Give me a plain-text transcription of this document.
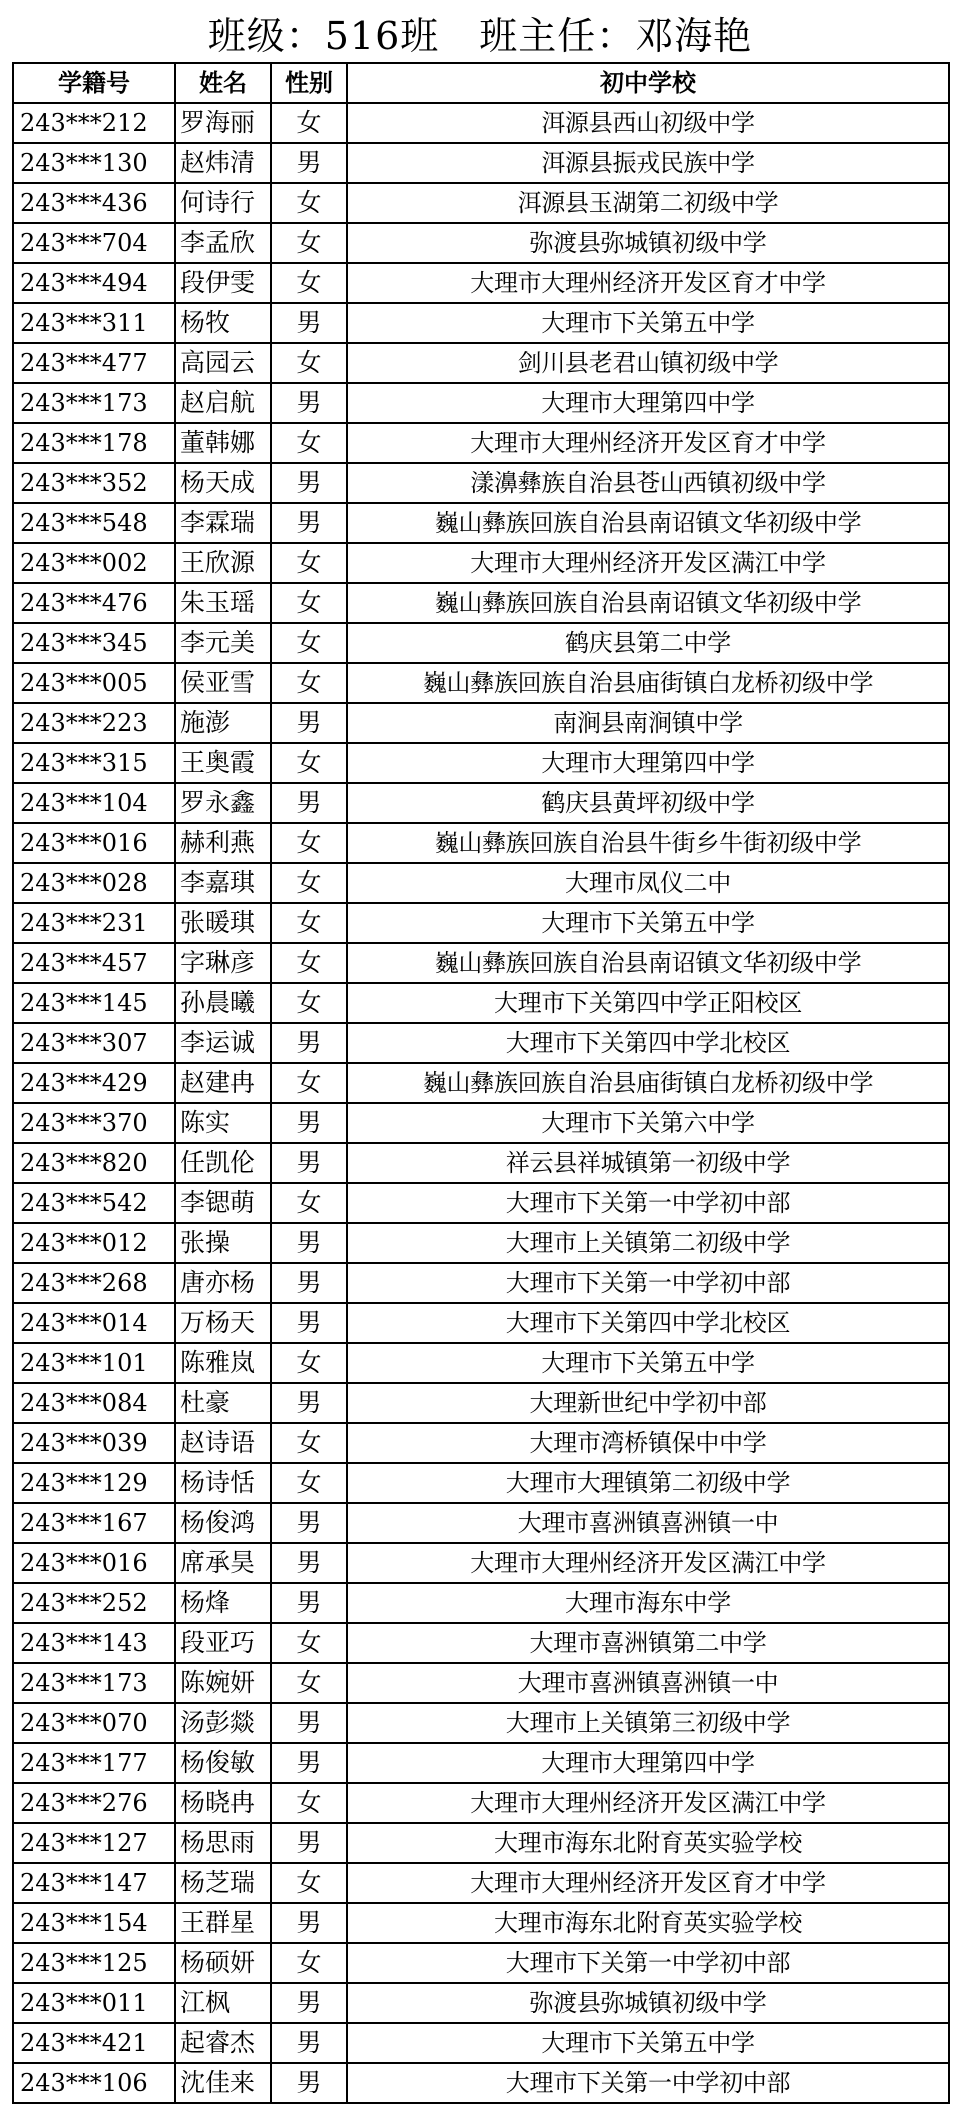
班级：516班 班主任：邓海艳
学籍号	姓名	性别	初中学校
243***212	罗海丽	女	洱源县西山初级中学
243***130	赵炜清	男	洱源县振戎民族中学
243***436	何诗行	女	洱源县玉湖第二初级中学
243***704	李孟欣	女	弥渡县弥城镇初级中学
243***494	段伊雯	女	大理市大理州经济开发区育才中学
243***311	杨牧	男	大理市下关第五中学
243***477	高园云	女	剑川县老君山镇初级中学
243***173	赵启航	男	大理市大理第四中学
243***178	董韩娜	女	大理市大理州经济开发区育才中学
243***352	杨天成	男	漾濞彝族自治县苍山西镇初级中学
243***548	李霖瑞	男	巍山彝族回族自治县南诏镇文华初级中学
243***002	王欣源	女	大理市大理州经济开发区满江中学
243***476	朱玉瑶	女	巍山彝族回族自治县南诏镇文华初级中学
243***345	李元美	女	鹤庆县第二中学
243***005	侯亚雪	女	巍山彝族回族自治县庙街镇白龙桥初级中学
243***223	施澎	男	南涧县南涧镇中学
243***315	王奥霞	女	大理市大理第四中学
243***104	罗永鑫	男	鹤庆县黄坪初级中学
243***016	赫利燕	女	巍山彝族回族自治县牛街乡牛街初级中学
243***028	李嘉琪	女	大理市凤仪二中
243***231	张暖琪	女	大理市下关第五中学
243***457	字琳彦	女	巍山彝族回族自治县南诏镇文华初级中学
243***145	孙晨曦	女	大理市下关第四中学正阳校区
243***307	李运诚	男	大理市下关第四中学北校区
243***429	赵建冉	女	巍山彝族回族自治县庙街镇白龙桥初级中学
243***370	陈实	男	大理市下关第六中学
243***820	任凯伦	男	祥云县祥城镇第一初级中学
243***542	李锶萌	女	大理市下关第一中学初中部
243***012	张操	男	大理市上关镇第二初级中学
243***268	唐亦杨	男	大理市下关第一中学初中部
243***014	万杨天	男	大理市下关第四中学北校区
243***101	陈雅岚	女	大理市下关第五中学
243***084	杜豪	男	大理新世纪中学初中部
243***039	赵诗语	女	大理市湾桥镇保中中学
243***129	杨诗恬	女	大理市大理镇第二初级中学
243***167	杨俊鸿	男	大理市喜洲镇喜洲镇一中
243***016	席承昊	男	大理市大理州经济开发区满江中学
243***252	杨烽	男	大理市海东中学
243***143	段亚巧	女	大理市喜洲镇第二中学
243***173	陈婉妍	女	大理市喜洲镇喜洲镇一中
243***070	汤彭燚	男	大理市上关镇第三初级中学
243***177	杨俊敏	男	大理市大理第四中学
243***276	杨晓冉	女	大理市大理州经济开发区满江中学
243***127	杨思雨	男	大理市海东北附育英实验学校
243***147	杨芝瑞	女	大理市大理州经济开发区育才中学
243***154	王群星	男	大理市海东北附育英实验学校
243***125	杨硕妍	女	大理市下关第一中学初中部
243***011	江枫	男	弥渡县弥城镇初级中学
243***421	起睿杰	男	大理市下关第五中学
243***106	沈佳来	男	大理市下关第一中学初中部
